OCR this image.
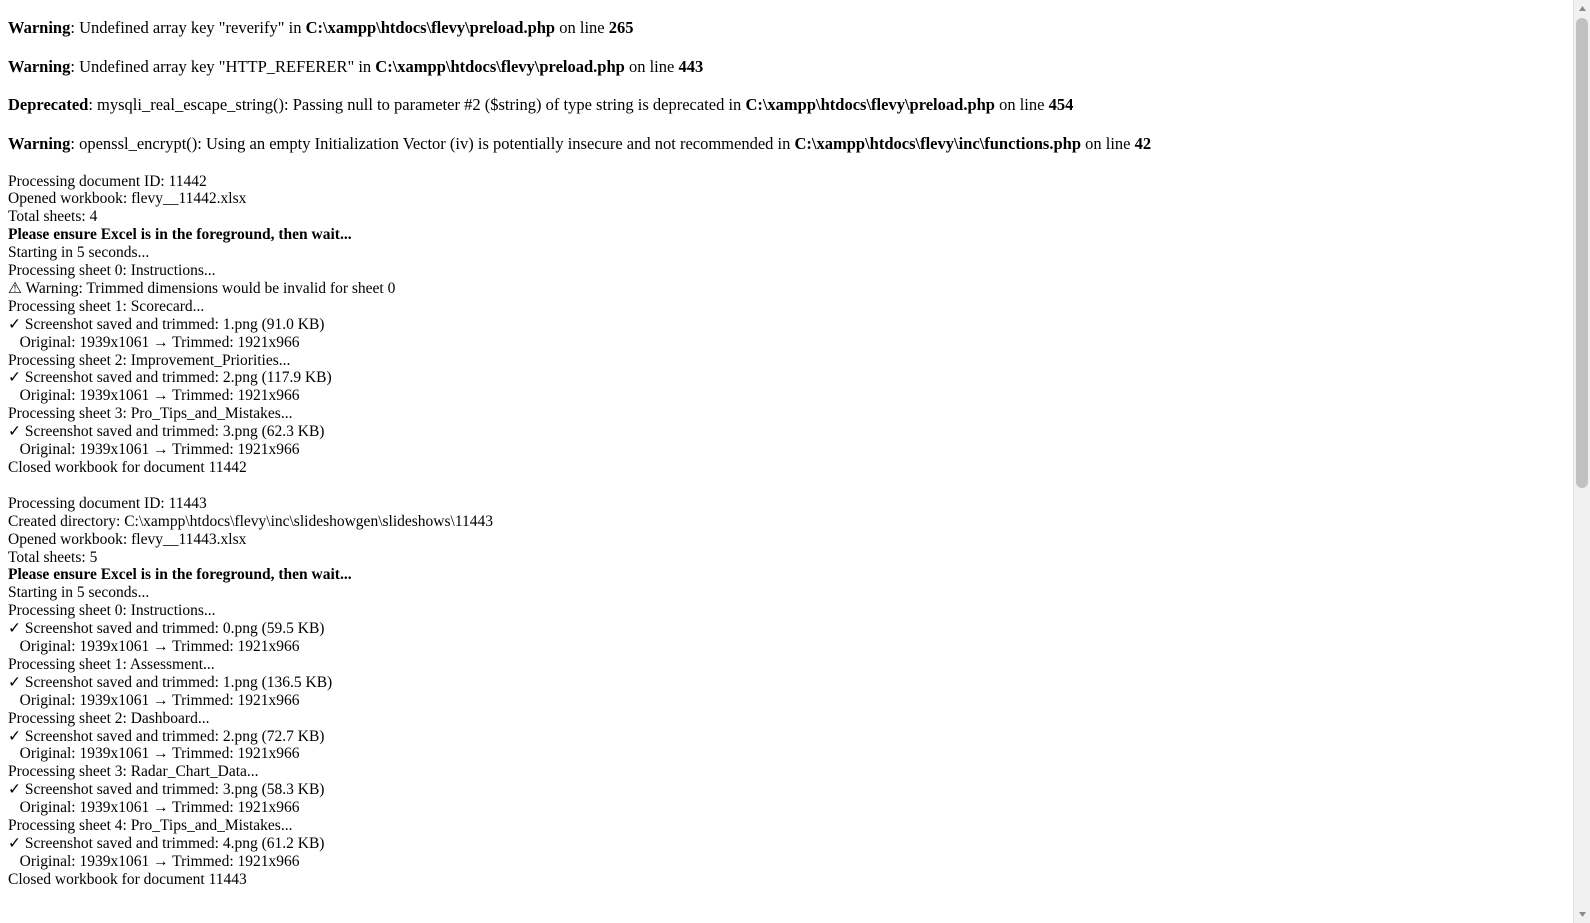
Warning: Undefined array key "reverify" in C:\xampp\htdocs\flevy\preload.php on line 265

Warning: Undefined array key "HTTP_REFERER" in C:\xampp\htdocs\flevy\preload.php on line 443

Deprecated: mysqli_real_escape_string(): Passing null to parameter #2 ($string) of type string is deprecated in C:\xampp\htdocs\flevy\preload.php on line 454

Warning: openssl_encrypt(): Using an empty Initialization Vector (iv) is potentially insecure and not recommended in C:\xampp\htdocs\flevy\inc\functions.php on line 42

Processing document ID: 11442
Opened workbook: flevy__11442.xlsx
Total sheets: 4
Please ensure Excel is in the foreground, then wait...
Starting in 5 seconds...
Processing sheet 0: Instructions...
⚠ Warning: Trimmed dimensions would be invalid for sheet 0
Processing sheet 1: Scorecard...
✓ Screenshot saved and trimmed: 1.png (91.0 KB)
Original: 1939x1061 → Trimmed: 1921x966
Processing sheet 2: Improvement_Priorities...
✓ Screenshot saved and trimmed: 2.png (117.9 KB)
Original: 1939x1061 → Trimmed: 1921x966
Processing sheet 3: Pro_Tips_and_Mistakes...
✓ Screenshot saved and trimmed: 3.png (62.3 KB)
Original: 1939x1061 → Trimmed: 1921x966
Closed workbook for document 11442
Processing document ID: 11443
Created directory: C:\xampp\htdocs\flevy\inc\slideshowgen\slideshows\11443
Opened workbook: flevy__11443.xlsx
Total sheets: 5
Please ensure Excel is in the foreground, then wait...
Starting in 5 seconds...
Processing sheet 0: Instructions...
✓ Screenshot saved and trimmed: 0.png (59.5 KB)
Original: 1939x1061 → Trimmed: 1921x966
Processing sheet 1: Assessment...
✓ Screenshot saved and trimmed: 1.png (136.5 KB)
Original: 1939x1061 → Trimmed: 1921x966
Processing sheet 2: Dashboard...
✓ Screenshot saved and trimmed: 2.png (72.7 KB)
Original: 1939x1061 → Trimmed: 1921x966
Processing sheet 3: Radar_Chart_Data...
✓ Screenshot saved and trimmed: 3.png (58.3 KB)
Original: 1939x1061 → Trimmed: 1921x966
Processing sheet 4: Pro_Tips_and_Mistakes...
✓ Screenshot saved and trimmed: 4.png (61.2 KB)
Original: 1939x1061 → Trimmed: 1921x966
Closed workbook for document 11443
